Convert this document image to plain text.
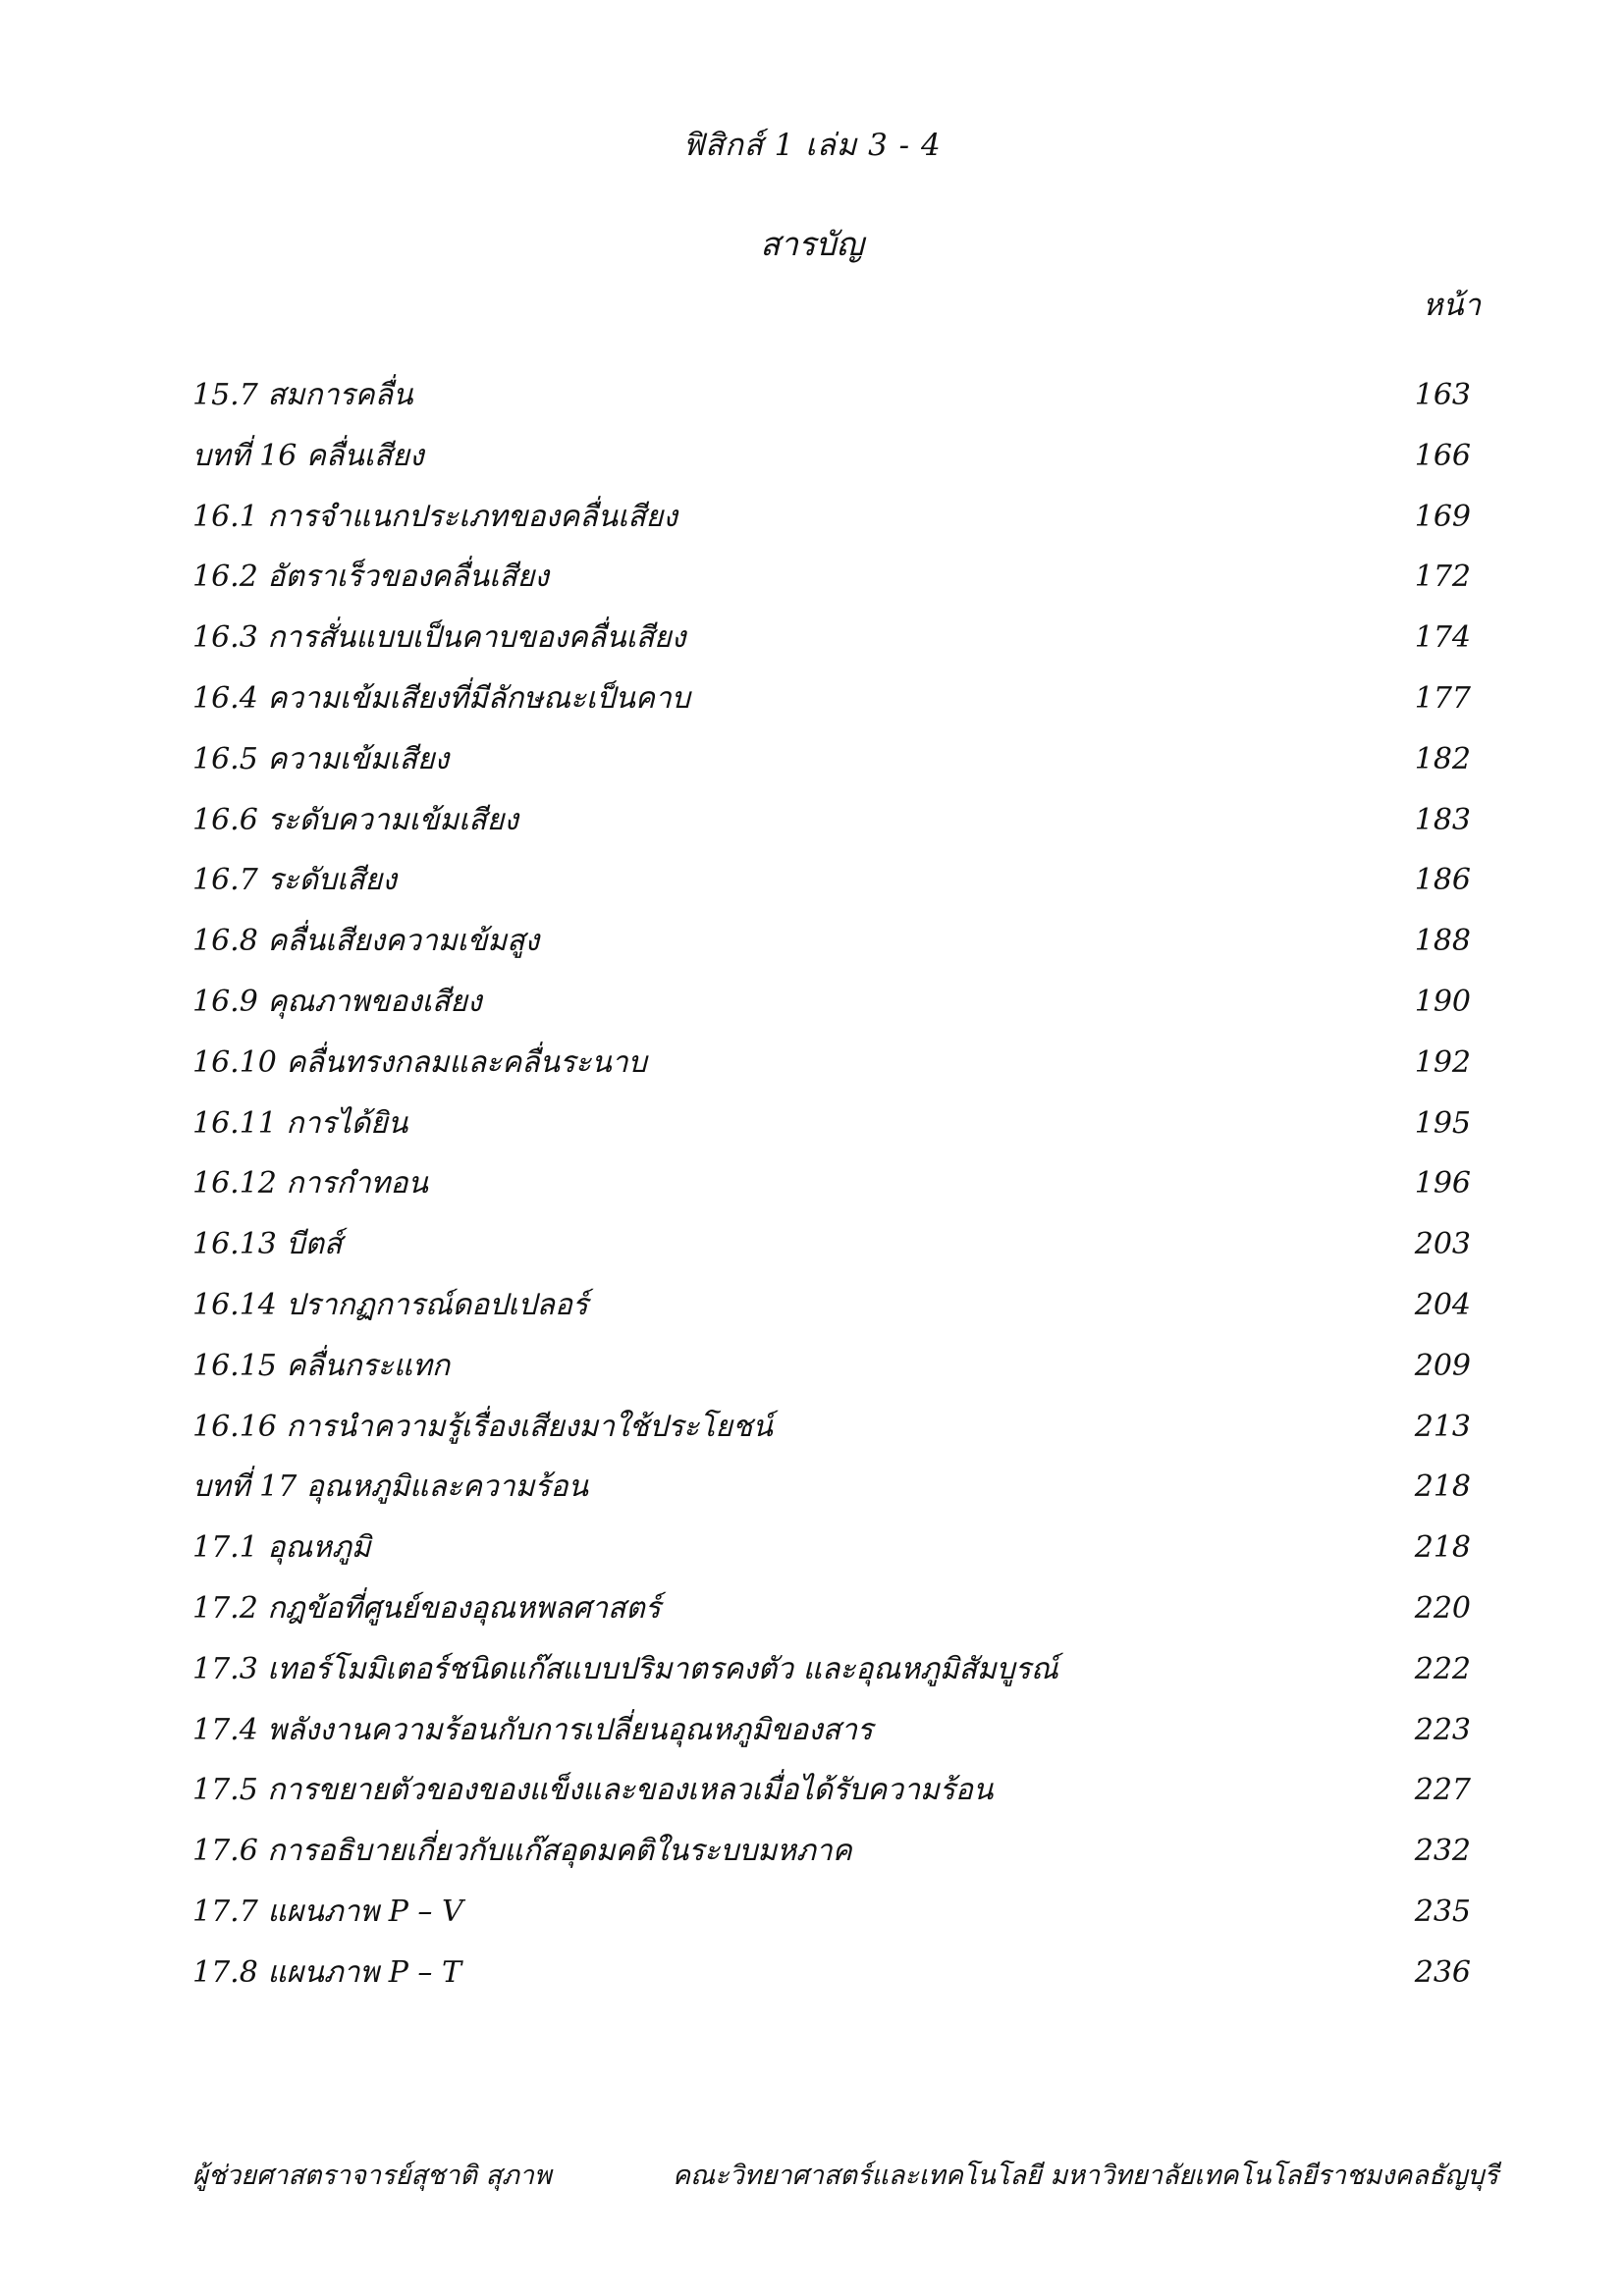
ฟิสิกส์ 1 เล่ม 3 - 4
สารบัญ
หน้า
15.7 สมการคลื่น	163
บทที่ 16 คลื่นเสียง	166
16.1 การจำแนกประเภทของคลื่นเสียง	169
16.2 อัตราเร็วของคลื่นเสียง	172
16.3 การสั่นแบบเป็นคาบของคลื่นเสียง	174
16.4 ความเข้มเสียงที่มีลักษณะเป็นคาบ	177
16.5 ความเข้มเสียง	182
16.6 ระดับความเข้มเสียง	183
16.7 ระดับเสียง	186
16.8 คลื่นเสียงความเข้มสูง	188
16.9 คุณภาพของเสียง	190
16.10 คลื่นทรงกลมและคลื่นระนาบ	192
16.11 การได้ยิน	195
16.12 การกำทอน	196
16.13 บีตส์	203
16.14 ปรากฏการณ์ดอปเปลอร์	204
16.15 คลื่นกระแทก	209
16.16 การนำความรู้เรื่องเสียงมาใช้ประโยชน์	213
บทที่ 17 อุณหภูมิและความร้อน	218
17.1 อุณหภูมิ	218
17.2 กฎข้อที่ศูนย์ของอุณหพลศาสตร์	220
17.3 เทอร์โมมิเตอร์ชนิดแก๊สแบบปริมาตรคงตัว และอุณหภูมิสัมบูรณ์	222
17.4 พลังงานความร้อนกับการเปลี่ยนอุณหภูมิของสาร	223
17.5 การขยายตัวของของแข็งและของเหลวเมื่อได้รับความร้อน	227
17.6 การอธิบายเกี่ยวกับแก๊สอุดมคติในระบบมหภาค	232
17.7 แผนภาพ P – V	235
17.8 แผนภาพ P – T	236
ผู้ช่วยศาสตราจารย์สุชาติ สุภาพ	คณะวิทยาศาสตร์และเทคโนโลยี มหาวิทยาลัยเทคโนโลยีราชมงคลธัญบุรี
